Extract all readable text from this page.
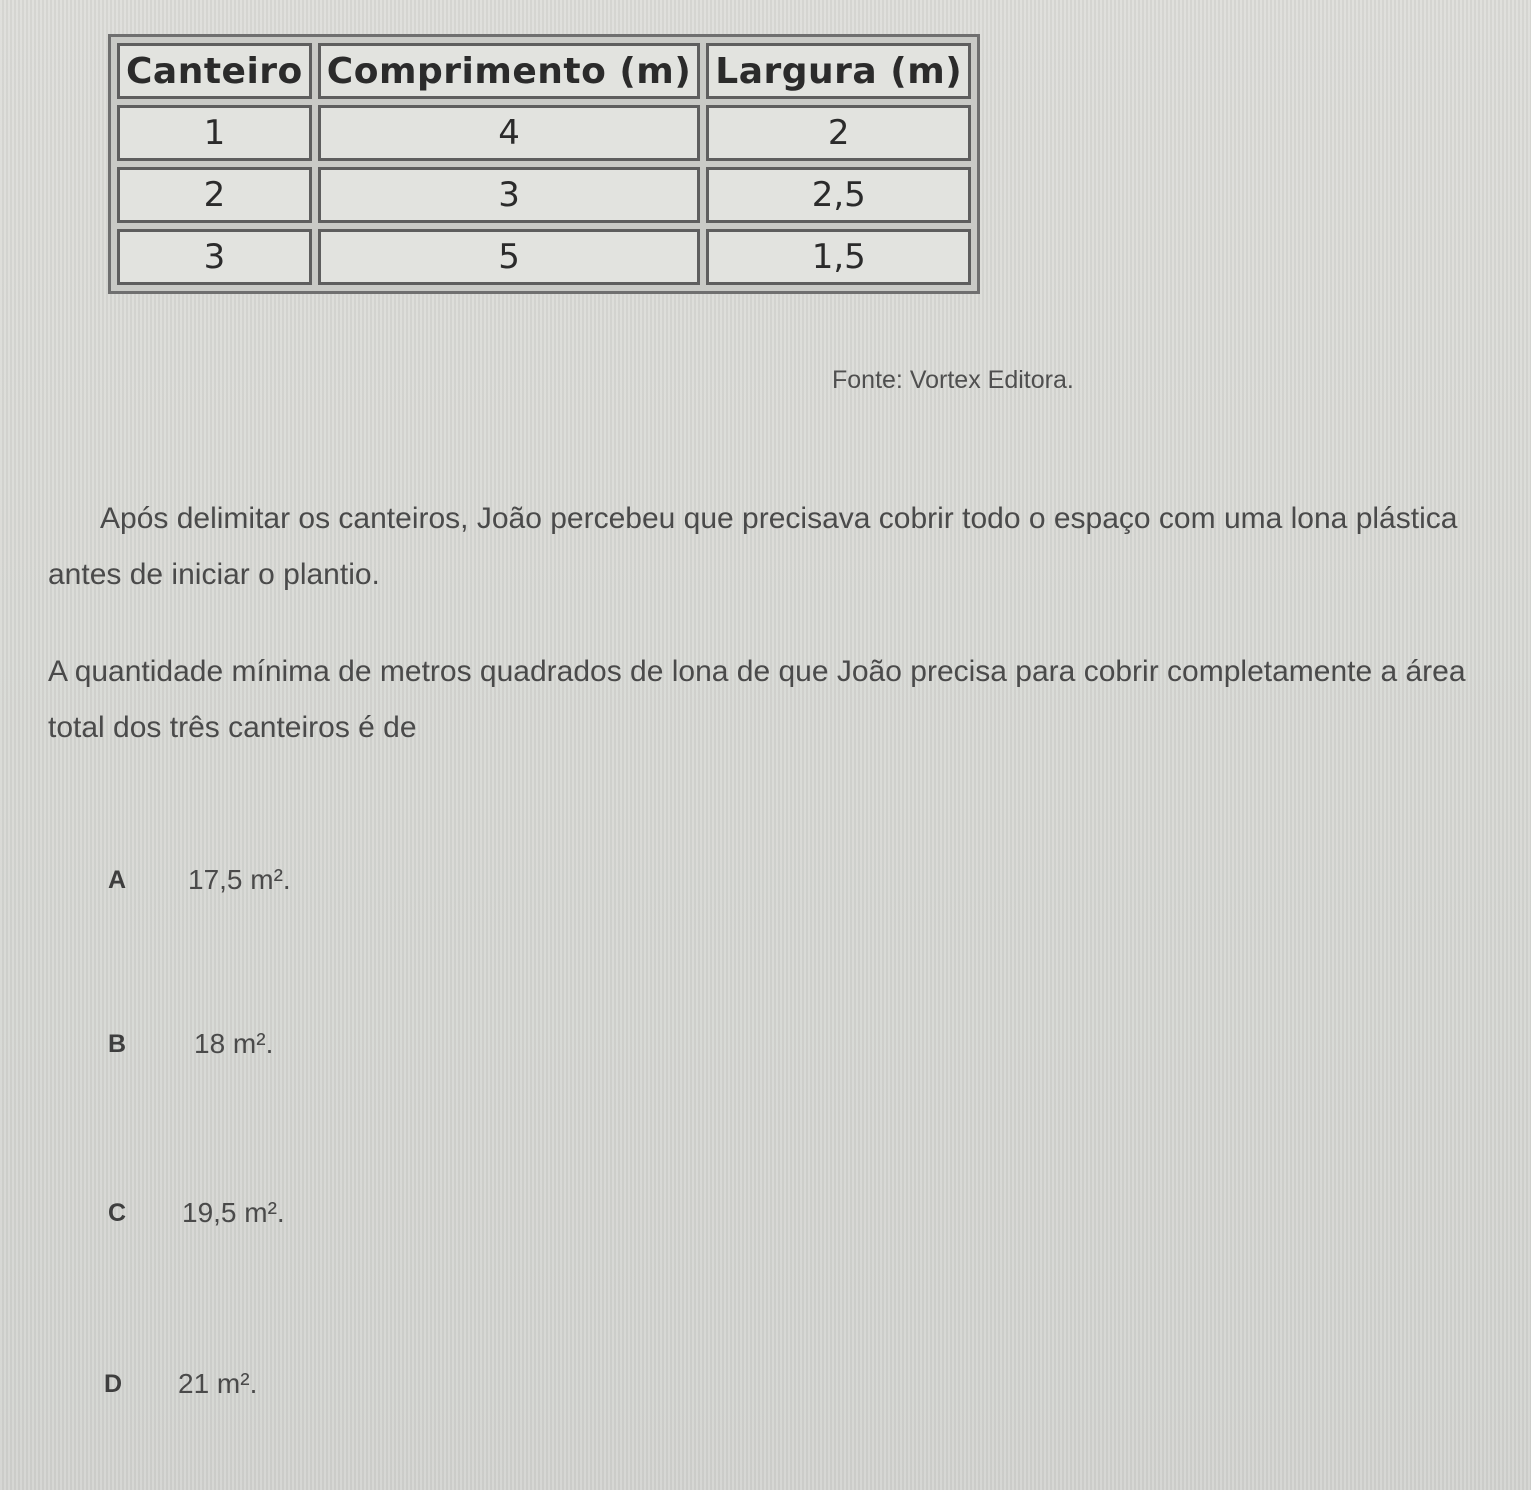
Canteiro	Comprimento (m)	Largura (m)
1	4	2
2	3	2,5
3	5	1,5
Fonte: Vortex Editora.

Após delimitar os canteiros, João percebeu que precisava cobrir todo o espaço com uma lona plástica antes de iniciar o plantio.

A quantidade mínima de metros quadrados de lona de que João precisa para cobrir completamente a área total dos três canteiros é de

A	17,5 m².
B	18 m².
C	19,5 m².
D	21 m².
